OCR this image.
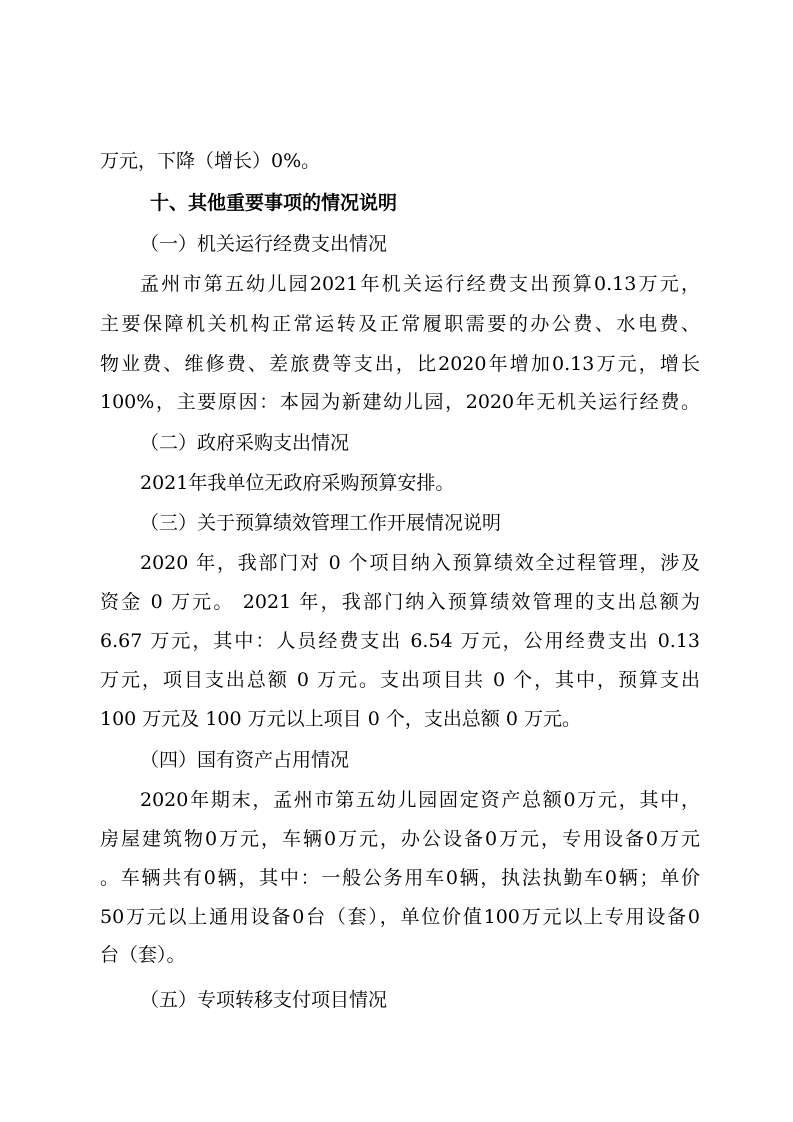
万元，下降（增长）0%。
十、其他重要事项的情况说明
（一）机关运行经费支出情况
孟州市第五幼儿园2021年机关运行经费支出预算0.13万元，
主要保障机关机构正常运转及正常履职需要的办公费、水电费、
物业费、维修费、差旅费等支出，比2020年增加0.13万元，增长
100%，主要原因：本园为新建幼儿园，2020年无机关运行经费。
（二）政府采购支出情况
2021年我单位无政府采购预算安排。
（三）关于预算绩效管理工作开展情况说明
2020 年，我部门对 0 个项目纳入预算绩效全过程管理，涉及
资金 0 万元。 2021 年，我部门纳入预算绩效管理的支出总额为
6.67 万元，其中：人员经费支出 6.54 万元，公用经费支出 0.13
万元，项目支出总额 0 万元。支出项目共 0 个，其中，预算支出
100 万元及 100 万元以上项目 0 个，支出总额 0 万元。
（四）国有资产占用情况
2020年期末，孟州市第五幼儿园固定资产总额0万元，其中，
房屋建筑物0万元，车辆0万元，办公设备0万元，专用设备0万元
。车辆共有0辆，其中：一般公务用车0辆，执法执勤车0辆；单价
50万元以上通用设备0台（套），单位价值100万元以上专用设备0
台（套）。
（五）专项转移支付项目情况
